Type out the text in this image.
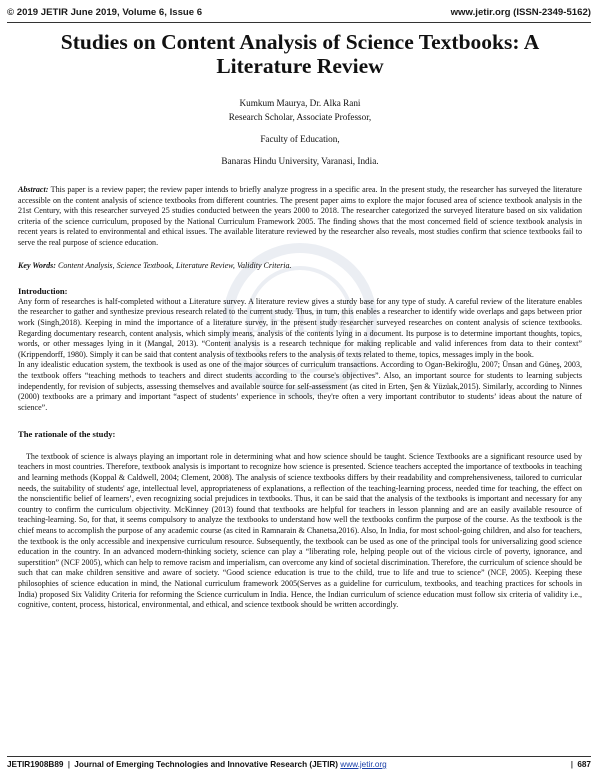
© 2019 JETIR June 2019, Volume 6, Issue 6	www.jetir.org (ISSN-2349-5162)
JETIR
Studies on Content Analysis of Science Textbooks: A Literature Review

Kumkum Maurya, Dr. Alka Rani

Research Scholar, Associate Professor,

Faculty of Education,

Banaras Hindu University, Varanasi, India.

Abstract: This paper is a review paper; the review paper intends to briefly analyze progress in a specific area. In the present study, the researcher has surveyed the literature accessible on the content analysis of science textbooks from different countries. The present paper aims to explore the major focused area of science textbook analysis in the 21st Century, with this researcher surveyed 25 studies conducted between the years 2000 to 2018. The researcher categorized the surveyed literature based on six validation criteria of the science curriculum, proposed by the National Curriculum Framework 2005. The finding shows that the most concerned field of science textbook analysis in recent years is related to environmental and ethical issues. The available literature reviewed by the researcher also reveals, most studies confirm that science textbooks fail to serve the real purpose of science education.

Key Words: Content Analysis, Science Textbook, Literature Review, Validity Criteria.

Introduction:

Any form of researches is half-completed without a Literature survey. A literature review gives a sturdy base for any type of study. A careful review of the literature enables the researcher to gather and synthesize previous research related to the current study. Thus, in turn, this enables a researcher to identify wide overlaps and gaps between prior work (Singh,2018). Keeping in mind the importance of a literature survey, in the present study researcher surveyed researches on content analysis of science textbooks. Regarding documentary research, content analysis, which simply means, analysis of the contents lying in a document. Its purpose is to determine important thoughts, topics, words, or other messages lying in it (Mangal, 2013). “Content analysis is a research technique for making replicable and valid inferences from data to their context” (Krippendorff, 1980). Simply it can be said that content analysis of textbooks refers to the analysis of texts related to theme, topics, messages imply in the book.

In any idealistic education system, the textbook is used as one of the major sources of curriculum transactions. According to Ogan-Bekiroğlu, 2007; Ünsan and Güneş, 2003, the textbook offers “teaching methods to teachers and direct students according to the course's objectives”. Also, an important source for students to learning subjects independently, for revision of subjects, assessing themselves and available source for self-assessment (as cited in Erten, Şen & Yüzüak,2015). Similarly, according to Ninnes (2000) textbooks are a primary and important “aspect of students’ experience in schools, they're often a very important contributor to students’ ideas about the nature of science”.

The rationale of the study:

The textbook of science is always playing an important role in determining what and how science should be taught. Science Textbooks are a significant resource used by teachers in most countries. Therefore, textbook analysis is important to recognize how science is presented. Science teachers accepted the importance of textbooks in teaching and learning methods (Koppal & Caldwell, 2004; Clement, 2008). The analysis of science textbooks differs by their readability and comprehensiveness, tailored to curricular needs, the suitability of students' age, intellectual level, appropriateness of explanations, a reflection of the teaching-learning process, needed time for teaching, the effect on the nonscientific belief of learners’, even recognizing social prejudices in textbooks. Thus, it can be said that the analysis of the textbooks is important and necessary for any country to confirm the curriculum objectivity. McKinney (2013) found that textbooks are helpful for teachers in lesson planning and are an easily available resource of teaching-learning. So, for that, it seems compulsory to analyze the textbooks to understand how well the textbooks confirm the purpose of the course. As the textbook is the chief means to accomplish the purpose of any academic course (as cited in Ramnarain & Chanetsa,2016). Also, In India, for most school-going children, and also for teachers, the textbook is the only accessible and inexpensive curriculum resource. Subsequently, the textbook can be used as one of the principal tools for universalizing good science education in the country. In an advanced modern-thinking society, science can play a “liberating role, helping people out of the vicious circle of poverty, ignorance, and superstition” (NCF 2005), which can help to remove racism and imperialism, can overcome any kind of societal discrimination. Therefore, the curriculum of science should be such that can make children sensitive and aware of society. “Good science education is true to the child, true to life and true to science” (NCF, 2005). Keeping these philosophies of science education in mind, the National curriculum framework 2005(Serves as a guideline for curriculum, textbooks, and teaching practices for schools in India) proposed Six Validity Criteria for reforming the Science curriculum in India. Hence, the Indian curriculum of science education must follow six criteria of validity i.e., cognitive, content, process, historical, environmental, and ethical, and science textbook should be written accordingly.

JETIR1908B89 | Journal of Emerging Technologies and Innovative Research (JETIR) www.jetir.org	| 687
